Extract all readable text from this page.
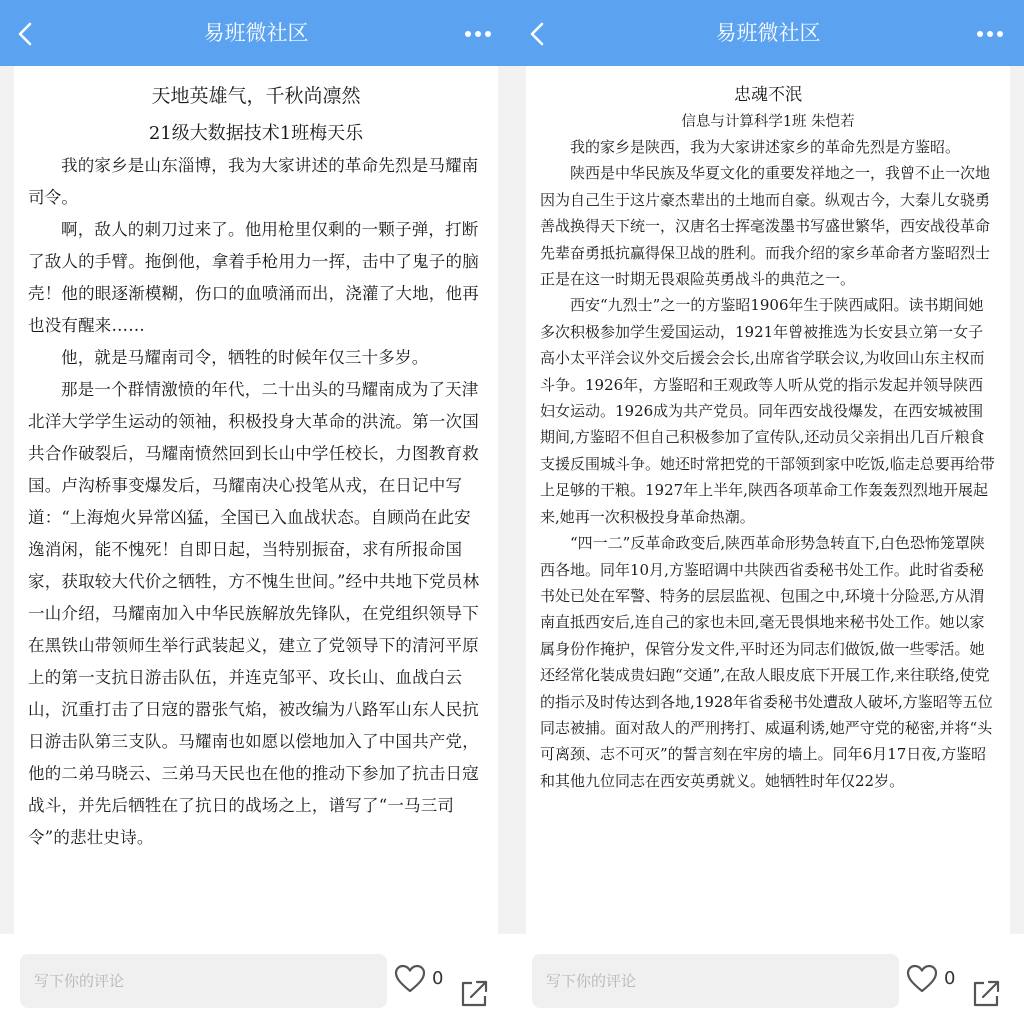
易班微社区
天地英雄气，千秋尚凛然
21级大数据技术1班梅天乐

我的家乡是山东淄博，我为大家讲述的革命先烈是马耀南司令。

啊，敌人的刺刀过来了。他用枪里仅剩的一颗子弹，打断了敌人的手臂。拖倒他，拿着手枪用力一挥，击中了鬼子的脑壳！他的眼逐渐模糊，伤口的血喷涌而出，浇灌了大地，他再也没有醒来……

他，就是马耀南司令，牺牲的时候年仅三十多岁。

那是一个群情激愤的年代，二十出头的马耀南成为了天津北洋大学学生运动的领袖，积极投身大革命的洪流。第一次国共合作破裂后，马耀南愤然回到长山中学任校长，力图教育救国。卢沟桥事变爆发后，马耀南决心投笔从戎，在日记中写道：“上海炮火异常凶猛，全国已入血战状态。自顾尚在此安逸消闲，能不愧死！自即日起，当特别振奋，求有所报命国家，获取较大代价之牺牲，方不愧生世间。”经中共地下党员林一山介绍，马耀南加入中华民族解放先锋队，在党组织领导下在黑铁山带领师生举行武装起义，建立了党领导下的清河平原上的第一支抗日游击队伍，并连克邹平、攻长山、血战白云山，沉重打击了日寇的嚣张气焰，被改编为八路军山东人民抗日游击队第三支队。马耀南也如愿以偿地加入了中国共产党，他的二弟马晓云、三弟马天民也在他的推动下参加了抗击日寇战斗，并先后牺牲在了抗日的战场之上，谱写了“一马三司令”的悲壮史诗。

写下你的评论	0
易班微社区
忠魂不泯
信息与计算科学1班 朱恺若

我的家乡是陕西，我为大家讲述家乡的革命先烈是方鉴昭。

陕西是中华民族及华夏文化的重要发祥地之一，我曾不止一次地因为自己生于这片豪杰辈出的土地而自豪。纵观古今，大秦儿女骁勇善战换得天下统一，汉唐名士挥毫泼墨书写盛世繁华，西安战役革命先辈奋勇抵抗赢得保卫战的胜利。而我介绍的家乡革命者方鉴昭烈士正是在这一时期无畏艰险英勇战斗的典范之一。

西安“九烈士”之一的方鉴昭1906年生于陕西咸阳。读书期间她多次积极参加学生爱国运动，1921年曾被推选为长安县立第一女子高小太平洋会议外交后援会会长,出席省学联会议,为收回山东主权而斗争。1926年，方鉴昭和王观政等人听从党的指示发起并领导陕西妇女运动。1926成为共产党员。同年西安战役爆发，在西安城被围期间,方鉴昭不但自己积极参加了宣传队,还动员父亲捐出几百斤粮食支援反围城斗争。她还时常把党的干部领到家中吃饭,临走总要再给带上足够的干粮。1927年上半年,陕西各项革命工作轰轰烈烈地开展起来,她再一次积极投身革命热潮。

“四一二”反革命政变后,陕西革命形势急转直下,白色恐怖笼罩陕西各地。同年10月,方鉴昭调中共陕西省委秘书处工作。此时省委秘书处已处在军警、特务的层层监视、包围之中,环境十分险恶,方从渭南直抵西安后,连自己的家也未回,毫无畏惧地来秘书处工作。她以家属身份作掩护，保管分发文件,平时还为同志们做饭,做一些零活。她还经常化装成贵妇跑“交通”,在敌人眼皮底下开展工作,来往联络,使党的指示及时传达到各地,1928年省委秘书处遭敌人破坏,方鉴昭等五位同志被捕。面对敌人的严刑拷打、威逼利诱,她严守党的秘密,并将“头可离颈、志不可灭”的誓言刻在牢房的墙上。同年6月17日夜,方鉴昭和其他九位同志在西安英勇就义。她牺牲时年仅22岁。

写下你的评论	0
